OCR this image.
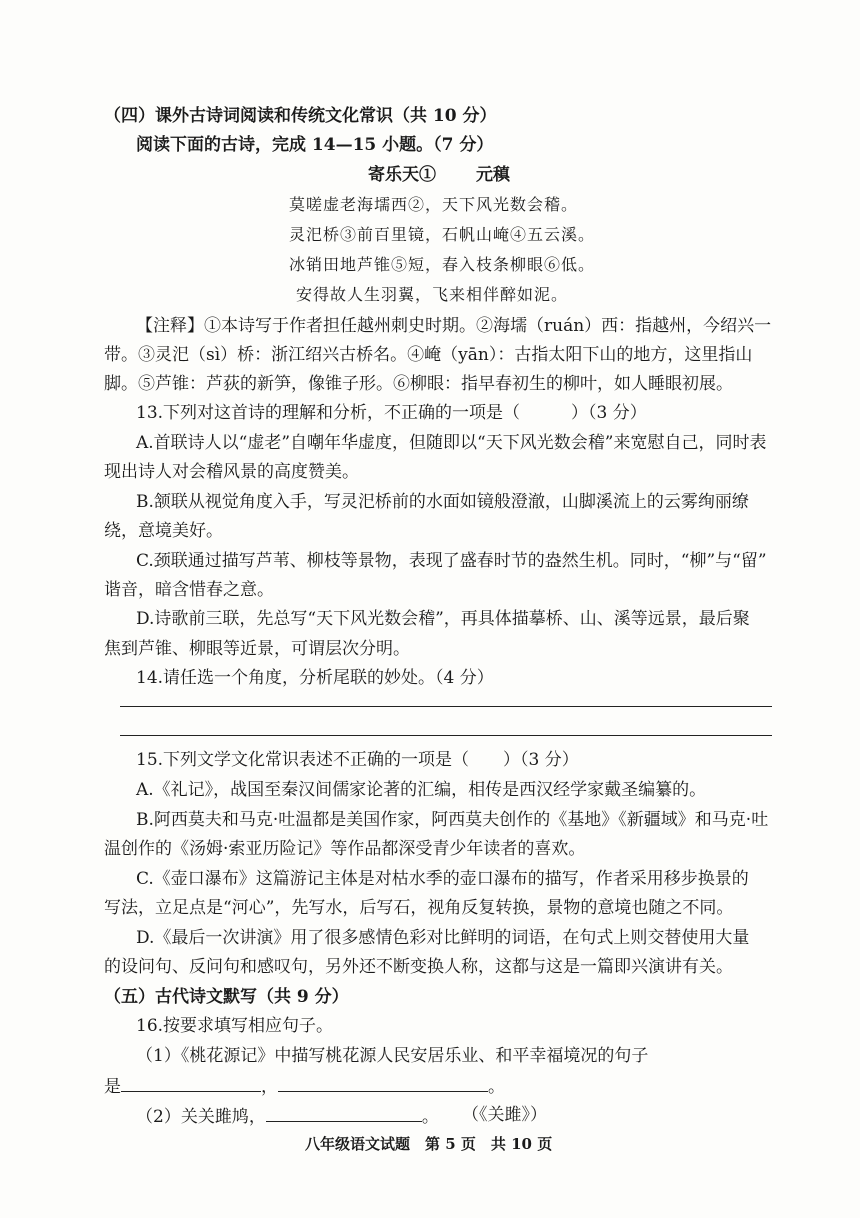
（四）课外古诗词阅读和传统文化常识（共 10 分）
阅读下面的古诗，完成 14—15 小题。（7 分）
寄乐天① 元稹
莫嗟虚老海壖西②，天下风光数会稽。
灵汜桥③前百里镜，石帆山崦④五云溪。
冰销田地芦锥⑤短，春入枝条柳眼⑥低。
安得故人生羽翼，飞来相伴醉如泥。
【注释】①本诗写于作者担任越州刺史时期。②海壖（ruán）西：指越州，今绍兴一
带。③灵汜（sì）桥：浙江绍兴古桥名。④崦（yān）：古指太阳下山的地方，这里指山
脚。⑤芦锥：芦荻的新笋，像锥子形。⑥柳眼：指早春初生的柳叶，如人睡眼初展。
13.下列对这首诗的理解和分析，不正确的一项是（　　　）（3 分）
A.首联诗人以“虚老”自嘲年华虚度，但随即以“天下风光数会稽”来宽慰自己，同时表
现出诗人对会稽风景的高度赞美。
B.颔联从视觉角度入手，写灵汜桥前的水面如镜般澄澈，山脚溪流上的云雾绚丽缭
绕，意境美好。
C.颈联通过描写芦苇、柳枝等景物，表现了盛春时节的盎然生机。同时，“柳”与“留”
谐音，暗含惜春之意。
D.诗歌前三联，先总写“天下风光数会稽”，再具体描摹桥、山、溪等远景，最后聚
焦到芦锥、柳眼等近景，可谓层次分明。
14.请任选一个角度，分析尾联的妙处。（4 分）
15.下列文学文化常识表述不正确的一项是（　　）（3 分）
A.《礼记》，战国至秦汉间儒家论著的汇编，相传是西汉经学家戴圣编纂的。
B.阿西莫夫和马克·吐温都是美国作家，阿西莫夫创作的《基地》《新疆域》和马克·吐
温创作的《汤姆·索亚历险记》等作品都深受青少年读者的喜欢。
C.《壶口瀑布》这篇游记主体是对枯水季的壶口瀑布的描写，作者采用移步换景的
写法，立足点是“河心”，先写水，后写石，视角反复转换，景物的意境也随之不同。
D.《最后一次讲演》用了很多感情色彩对比鲜明的词语，在句式上则交替使用大量
的设问句、反问句和感叹句，另外还不断变换人称，这都与这是一篇即兴演讲有关。
（五）古代诗文默写（共 9 分）
16.按要求填写相应句子。
（1）《桃花源记》中描写桃花源人民安居乐业、和平幸福境况的句子
是	，	。
（2）关关雎鸠，	。 （《关雎》）
八年级语文试题　第 5 页　共 10 页
